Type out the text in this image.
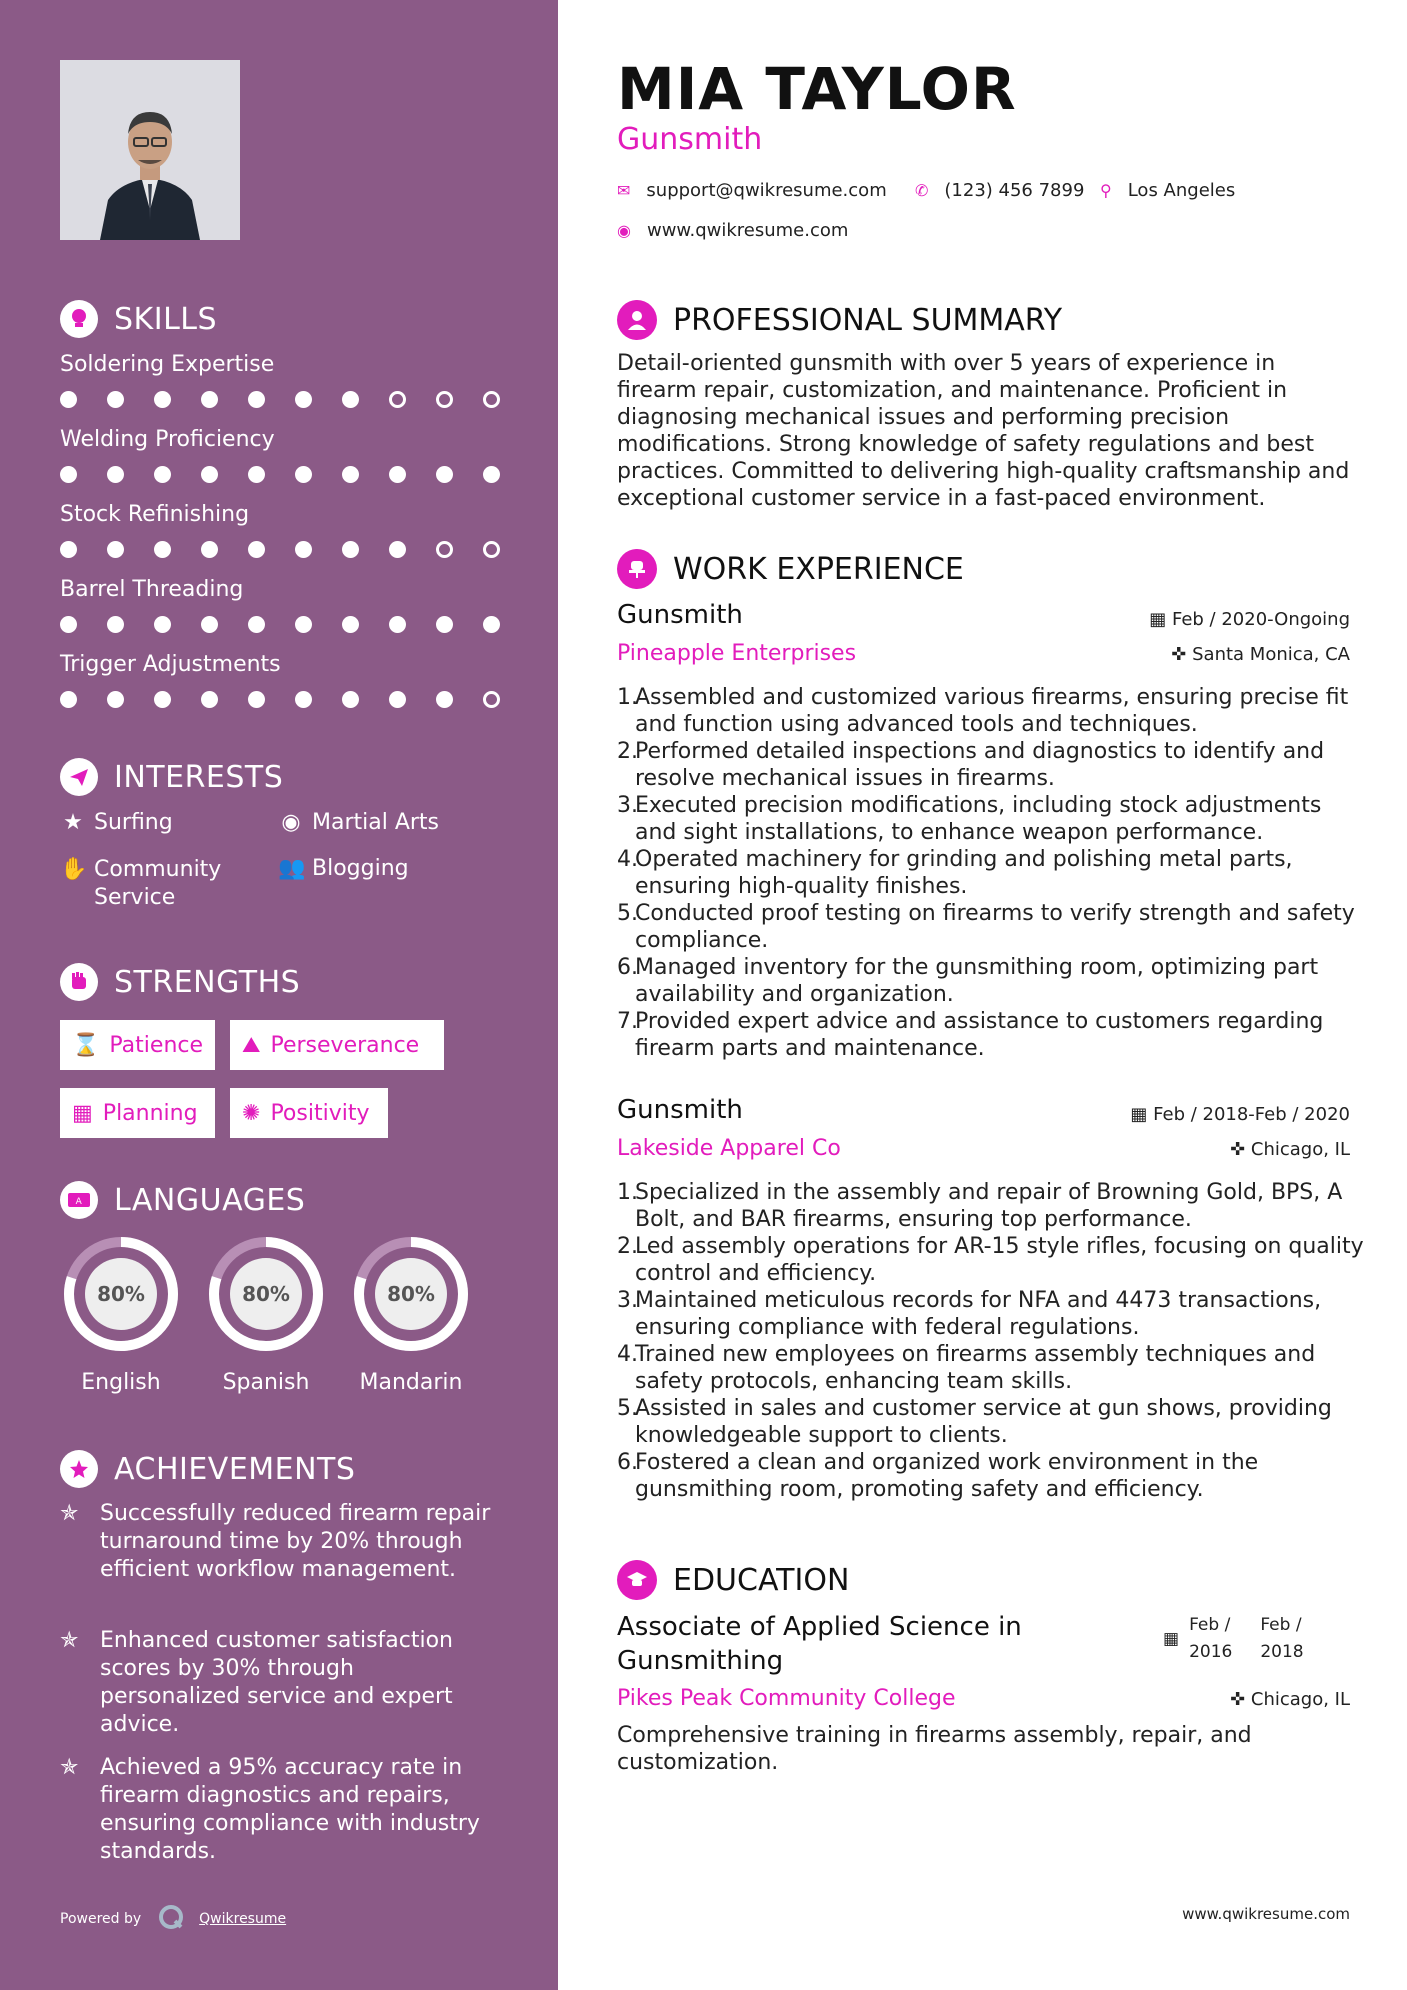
SKILLS
Soldering Expertise
Welding Proficiency
Stock Refinishing
Barrel Threading
Trigger Adjustments
INTERESTS
★ Surfing	◉ Martial Arts
✋ Community Service
👥 Blogging
STRENGTHS
⌛ Patience ⛰ Perseverance
▦ Planning ✺ Positivity
A LANGUAGES
80%
English
80%
Spanish
80%
Mandarin
ACHIEVEMENTS
✯ Successfully reduced firearm repair turnaround time by 20% through efficient workflow management.
✯ Enhanced customer satisfaction scores by 30% through personalized service and expert advice.
✯ Achieved a 95% accuracy rate in firearm diagnostics and repairs, ensuring compliance with industry standards.
Powered by	Qwikresume
MIA TAYLOR
Gunsmith
✉ support@qwikresume.com ✆ (123) 456 7899 ⚲ Los Angeles
◉ www.qwikresume.com
PROFESSIONAL SUMMARY
Detail-oriented gunsmith with over 5 years of experience in firearm repair, customization, and maintenance. Proficient in diagnosing mechanical issues and performing precision modifications. Strong knowledge of safety regulations and best practices. Committed to delivering high-quality craftsmanship and exceptional customer service in a fast-paced environment.
WORK EXPERIENCE
Gunsmith
Pineapple Enterprises
▦ Feb / 2020-Ongoing
✜ Santa Monica, CA
1.
Assembled and customized various firearms, ensuring precise fit and function using advanced tools and techniques.
2.
Performed detailed inspections and diagnostics to identify and resolve mechanical issues in firearms.
3.
Executed precision modifications, including stock adjustments and sight installations, to enhance weapon performance.
4.
Operated machinery for grinding and polishing metal parts, ensuring high-quality finishes.
5.
Conducted proof testing on firearms to verify strength and safety compliance.
6.
Managed inventory for the gunsmithing room, optimizing part availability and organization.
7.
Provided expert advice and assistance to customers regarding firearm parts and maintenance.
Gunsmith
Lakeside Apparel Co
▦ Feb / 2018-Feb / 2020
✜ Chicago, IL
1.
Specialized in the assembly and repair of Browning Gold, BPS, A Bolt, and BAR firearms, ensuring top performance.
2.
Led assembly operations for AR-15 style rifles, focusing on quality control and efficiency.
3.
Maintained meticulous records for NFA and 4473 transactions, ensuring compliance with federal regulations.
4.
Trained new employees on firearms assembly techniques and safety protocols, enhancing team skills.
5.
Assisted in sales and customer service at gun shows, providing knowledgeable support to clients.
6.
Fostered a clean and organized work environment in the gunsmithing room, promoting safety and efficiency.
EDUCATION
Associate of Applied Science in
Gunsmithing
Pikes Peak Community College
▦
Feb /
2016
Feb /
2018
✜ Chicago, IL
Comprehensive training in firearms assembly, repair, and customization.
www.qwikresume.com
